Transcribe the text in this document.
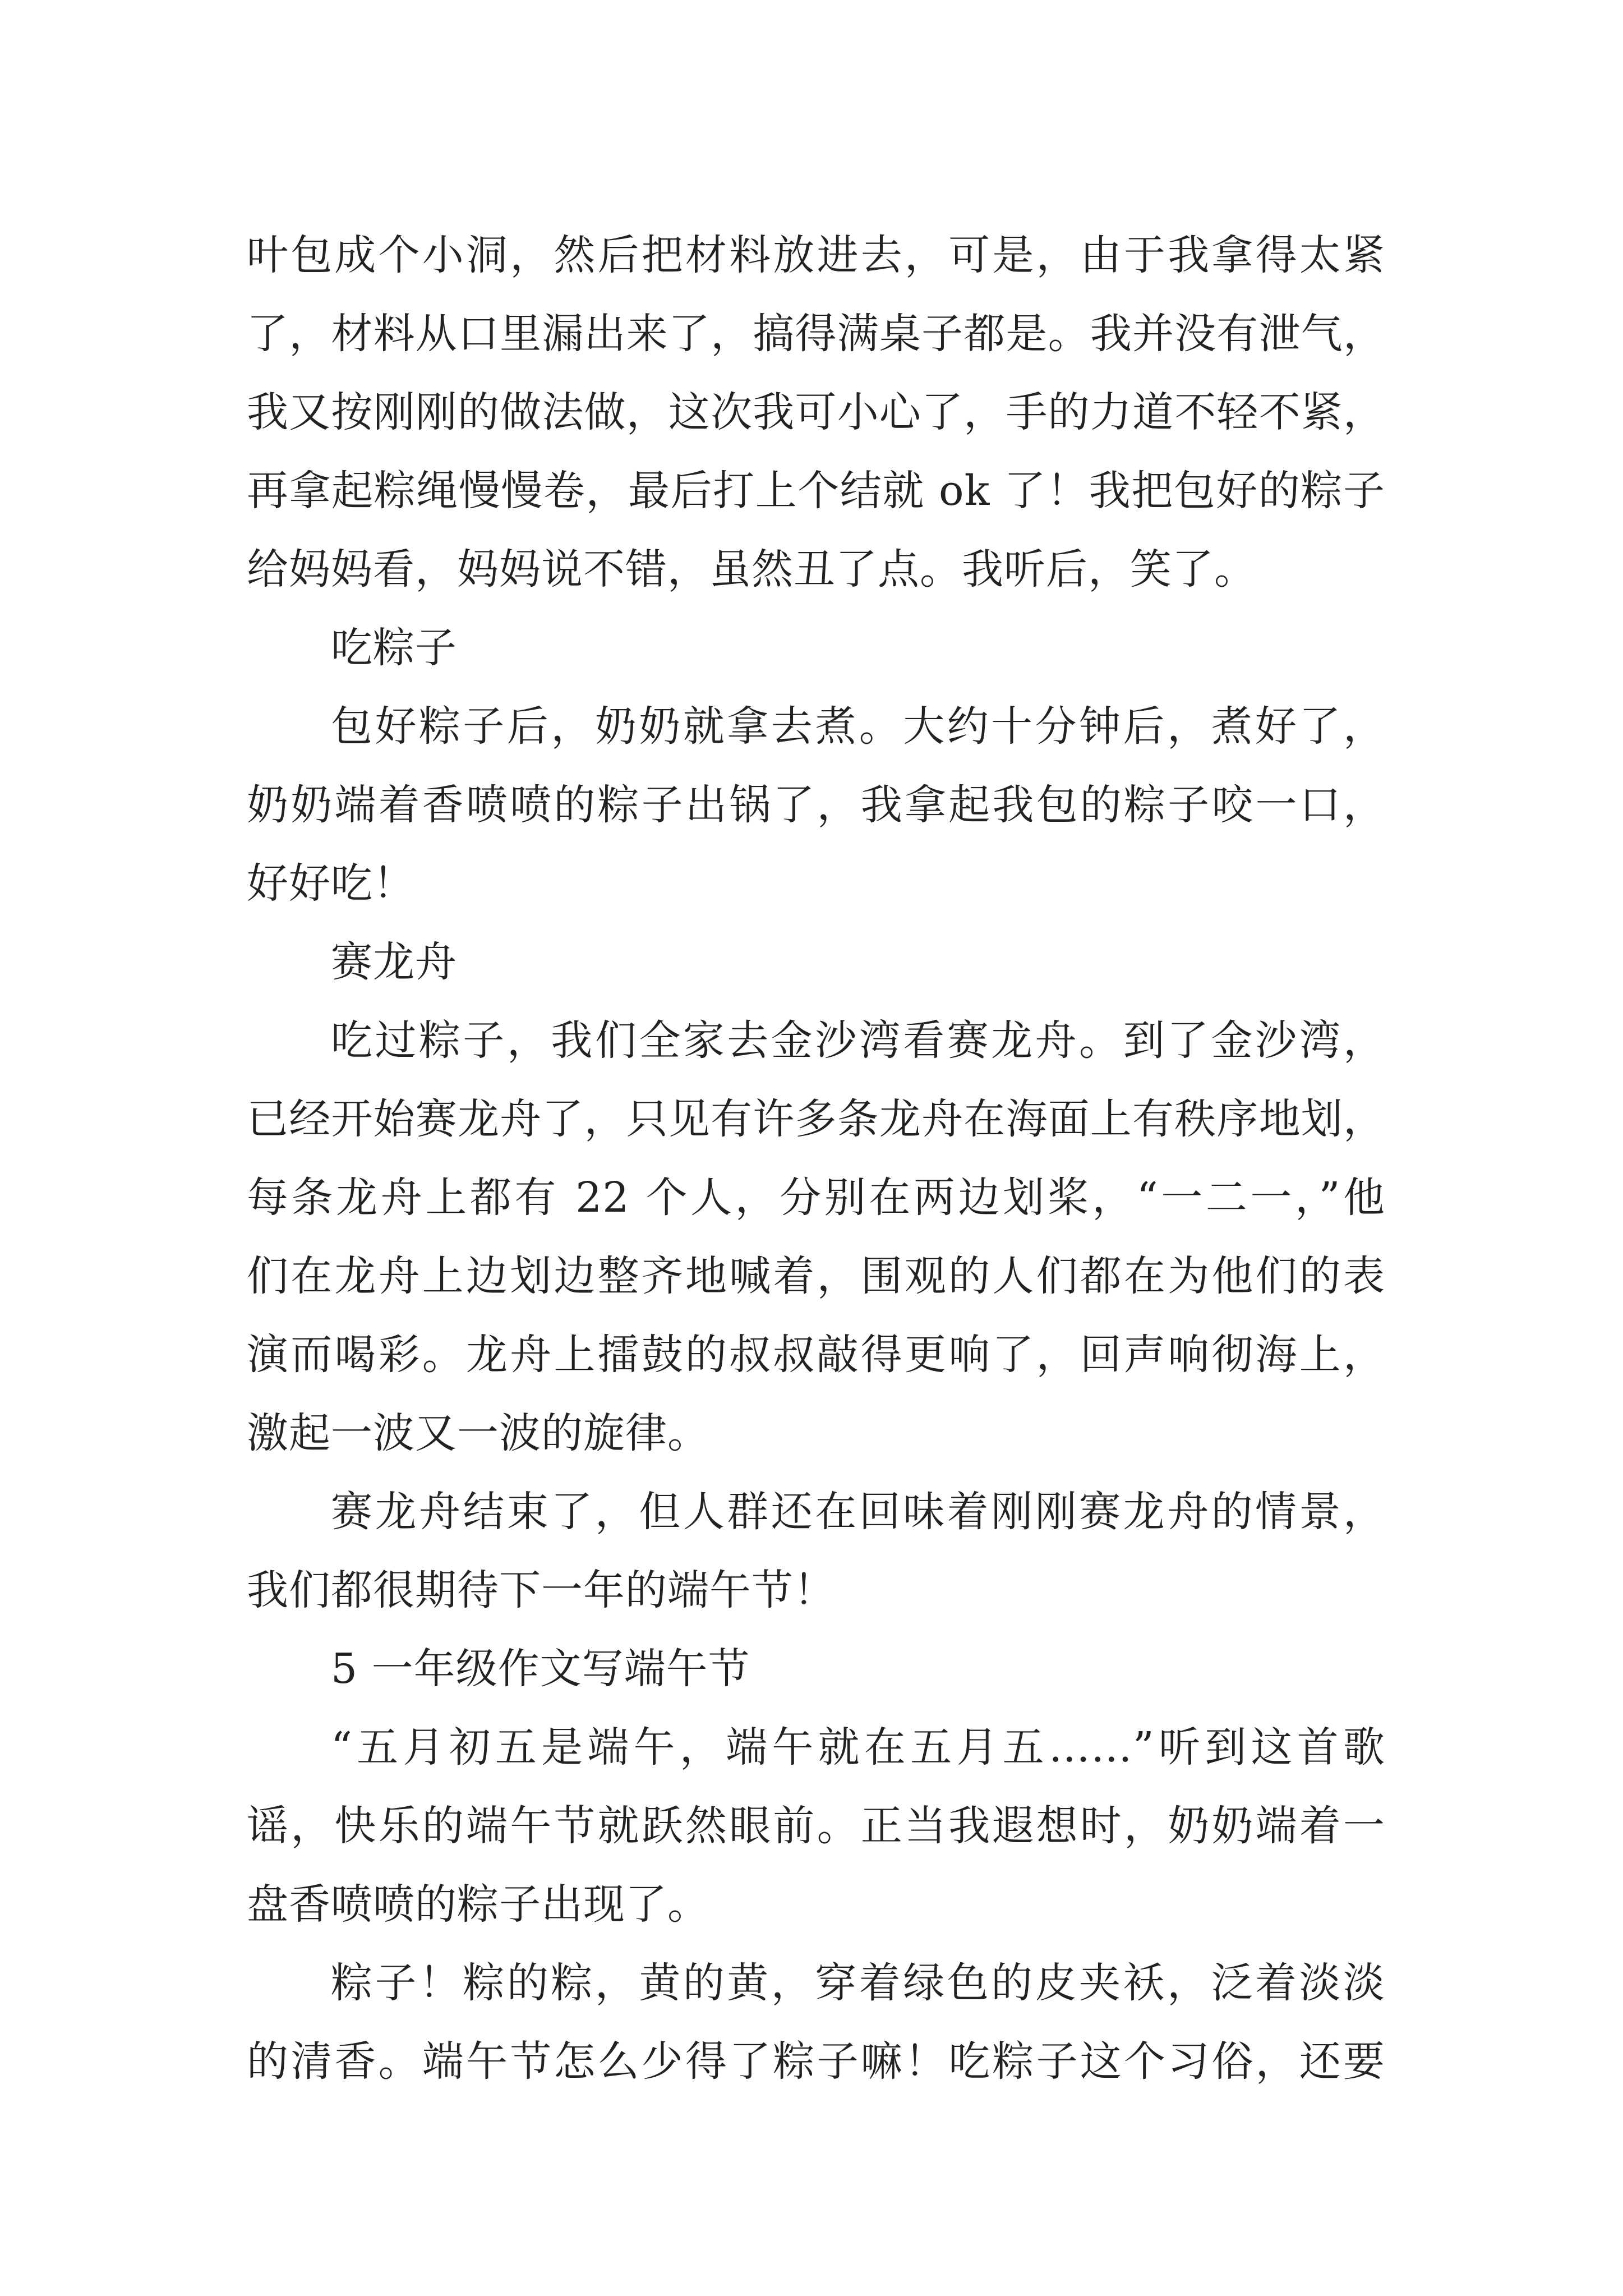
叶包成个小洞，然后把材料放进去，可是，由于我拿得太紧
了，材料从口里漏出来了，搞得满桌子都是。我并没有泄气，
我又按刚刚的做法做，这次我可小心了，手的力道不轻不紧，
再拿起粽绳慢慢卷，最后打上个结就 ok 了！我把包好的粽子
给妈妈看，妈妈说不错，虽然丑了点。我听后，笑了。
吃粽子
包好粽子后，奶奶就拿去煮。大约十分钟后，煮好了，
奶奶端着香喷喷的粽子出锅了，我拿起我包的粽子咬一口，
好好吃！
赛龙舟
吃过粽子，我们全家去金沙湾看赛龙舟。到了金沙湾，
已经开始赛龙舟了，只见有许多条龙舟在海面上有秩序地划，
每条龙舟上都有 22 个人，分别在两边划桨，“一二一，”他
们在龙舟上边划边整齐地喊着，围观的人们都在为他们的表
演而喝彩。龙舟上擂鼓的叔叔敲得更响了，回声响彻海上，
激起一波又一波的旋律。
赛龙舟结束了，但人群还在回味着刚刚赛龙舟的情景，
我们都很期待下一年的端午节！
5 一年级作文写端午节
“五月初五是端午，端午就在五月五……”听到这首歌
谣，快乐的端午节就跃然眼前。正当我遐想时，奶奶端着一
盘香喷喷的粽子出现了。
粽子！粽的粽，黄的黄，穿着绿色的皮夹袄，泛着淡淡
的清香。端午节怎么少得了粽子嘛！吃粽子这个习俗，还要
